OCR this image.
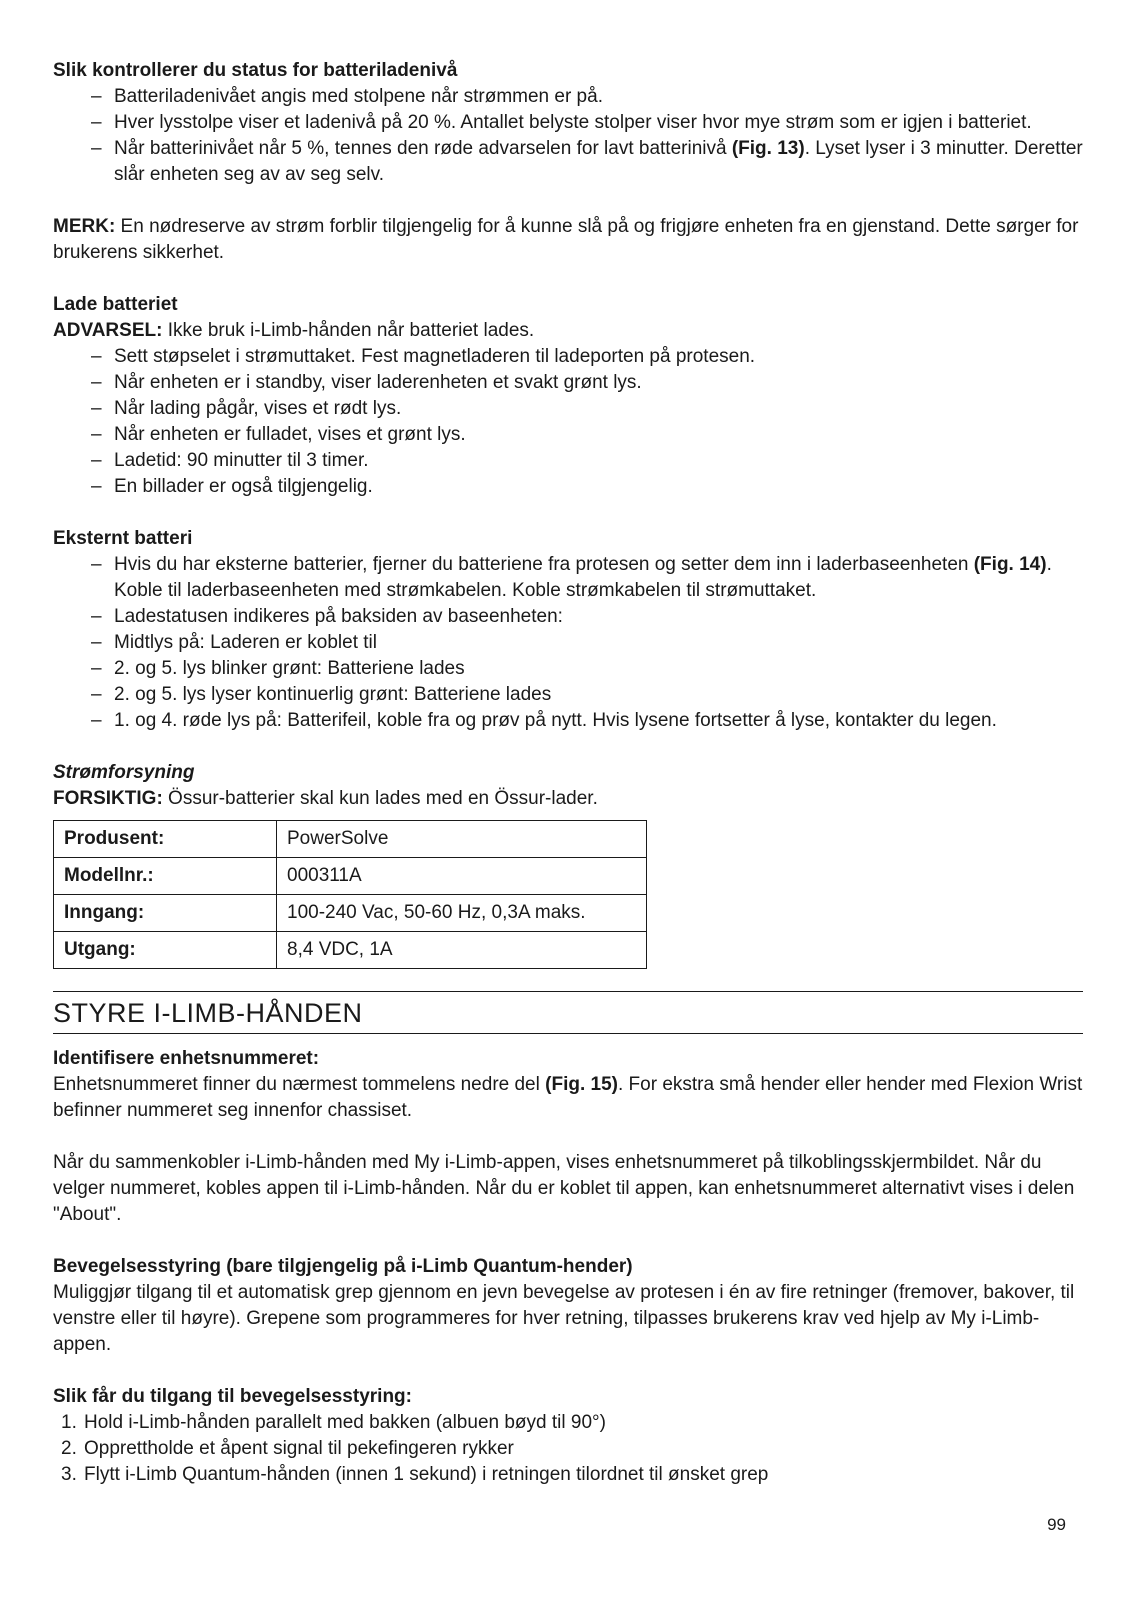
Slik kontrollerer du status for batteriladenivå

– Batteriladenivået angis med stolpene når strømmen er på.
– Hver lysstolpe viser et ladenivå på 20 %. Antallet belyste stolper viser hvor mye strøm som er igjen i batteriet.
– Når batterinivået når 5 %, tennes den røde advarselen for lavt batterinivå (Fig. 13). Lyset lyser i 3 minutter. Deretter slår enheten seg av av seg selv.

MERK: En nødreserve av strøm forblir tilgjengelig for å kunne slå på og frigjøre enheten fra en gjenstand. Dette sørger for brukerens sikkerhet.

Lade batteriet

ADVARSEL: Ikke bruk i-Limb-hånden når batteriet lades.

– Sett støpselet i strømuttaket. Fest magnetladeren til ladeporten på protesen.
– Når enheten er i standby, viser laderenheten et svakt grønt lys.
– Når lading pågår, vises et rødt lys.
– Når enheten er fulladet, vises et grønt lys.
– Ladetid: 90 minutter til 3 timer.
– En billader er også tilgjengelig.

Eksternt batteri

– Hvis du har eksterne batterier, fjerner du batteriene fra protesen og setter dem inn i laderbaseenheten (Fig. 14). Koble til laderbaseenheten med strømkabelen. Koble strømkabelen til strømuttaket.
– Ladestatusen indikeres på baksiden av baseenheten:
– Midtlys på: Laderen er koblet til
– 2. og 5. lys blinker grønt: Batteriene lades
– 2. og 5. lys lyser kontinuerlig grønt: Batteriene lades
– 1. og 4. røde lys på: Batterifeil, koble fra og prøv på nytt. Hvis lysene fortsetter å lyse, kontakter du legen.

Strømforsyning

FORSIKTIG: Össur-batterier skal kun lades med en Össur-lader.

Produsent:	PowerSolve
Modellnr.:	000311A
Inngang:	100-240 Vac, 50-60 Hz, 0,3A maks.
Utgang:	8,4 VDC, 1A
STYRE I-LIMB-HÅNDEN

Identifisere enhetsnummeret:

Enhetsnummeret finner du nærmest tommelens nedre del (Fig. 15). For ekstra små hender eller hender med Flexion Wrist befinner nummeret seg innenfor chassiset.

Når du sammenkobler i-Limb-hånden med My i-Limb-appen, vises enhetsnummeret på tilkoblingsskjermbildet. Når du velger nummeret, kobles appen til i-Limb-hånden. Når du er koblet til appen, kan enhetsnummeret alternativt vises i delen "About".

Bevegelsesstyring (bare tilgjengelig på i-Limb Quantum-hender)

Muliggjør tilgang til et automatisk grep gjennom en jevn bevegelse av protesen i én av fire retninger (fremover, bakover, til venstre eller til høyre). Grepene som programmeres for hver retning, tilpasses brukerens krav ved hjelp av My i-Limb-appen.

Slik får du tilgang til bevegelsesstyring:

1. Hold i-Limb-hånden parallelt med bakken (albuen bøyd til 90°)
2. Opprettholde et åpent signal til pekefingeren rykker
3. Flytt i-Limb Quantum-hånden (innen 1 sekund) i retningen tilordnet til ønsket grep
99
